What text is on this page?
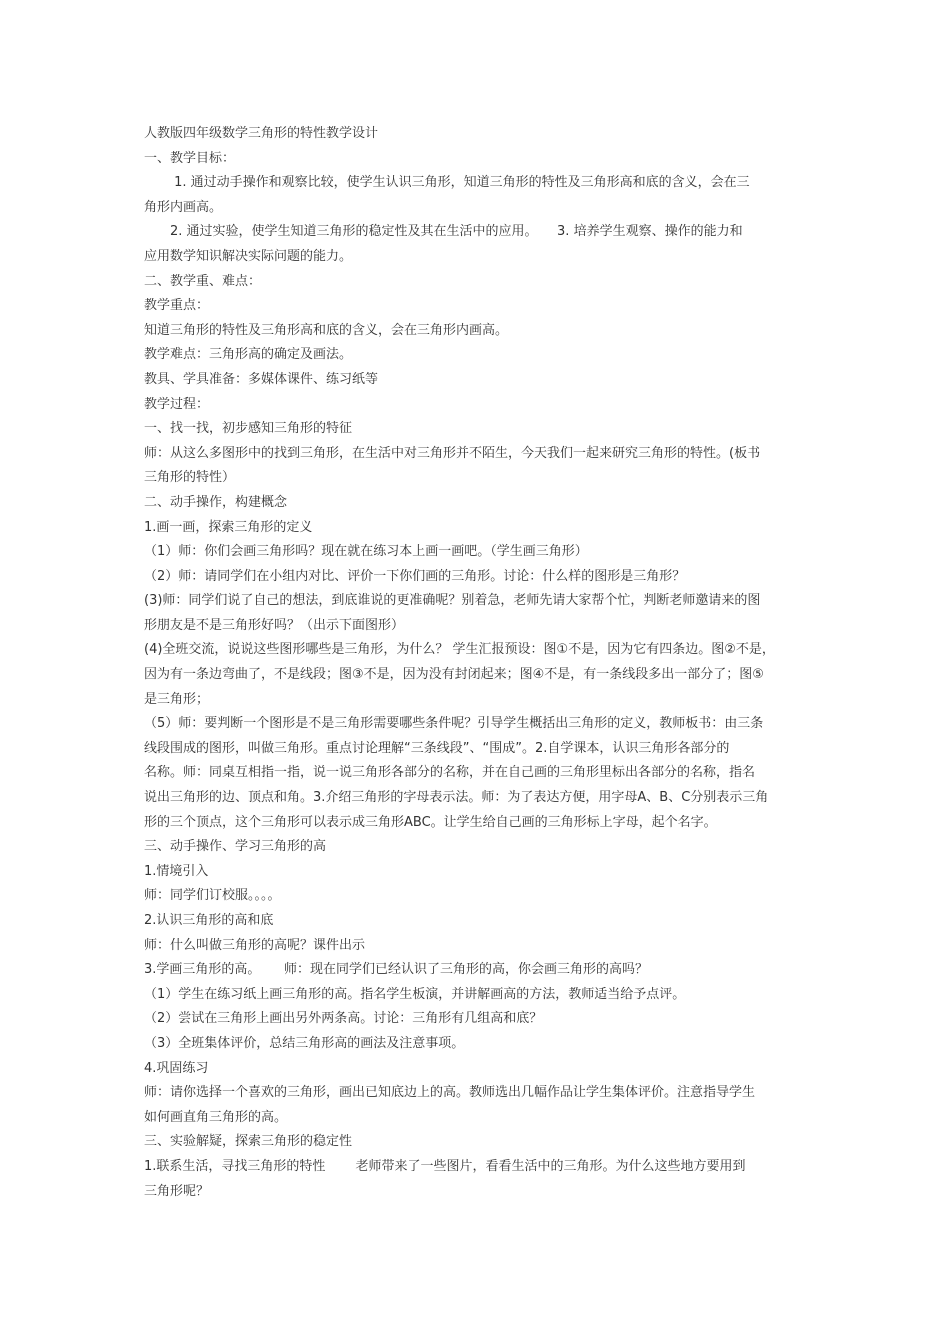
人教版四年级数学三角形的特性教学设计
一、教学目标：
　　 1. 通过动手操作和观察比较，使学生认识三角形，知道三角形的特性及三角形高和底的含义，会在三
角形内画高。
　　2. 通过实验，使学生知道三角形的稳定性及其在生活中的应用。　　3. 培养学生观察、操作的能力和
应用数学知识解决实际问题的能力。
二、教学重、难点：
教学重点：
知道三角形的特性及三角形高和底的含义，会在三角形内画高。
教学难点：三角形高的确定及画法。
教具、学具准备：多媒体课件、练习纸等
教学过程：
一、找一找，初步感知三角形的特征
师：从这么多图形中的找到三角形，在生活中对三角形并不陌生，今天我们一起来研究三角形的特性。(板书
三角形的特性）
二、动手操作，构建概念
1.画一画，探索三角形的定义
（1）师：你们会画三角形吗？现在就在练习本上画一画吧。（学生画三角形）
（2）师：请同学们在小组内对比、评价一下你们画的三角形。讨论：什么样的图形是三角形？
(3)师：同学们说了自己的想法，到底谁说的更准确呢？别着急，老师先请大家帮个忙，判断老师邀请来的图
形朋友是不是三角形好吗？（出示下面图形）
(4)全班交流，说说这些图形哪些是三角形，为什么？ 学生汇报预设：图①不是，因为它有四条边。图②不是，
因为有一条边弯曲了，不是线段；图③不是，因为没有封闭起来；图④不是，有一条线段多出一部分了；图⑤
是三角形；
（5）师：要判断一个图形是不是三角形需要哪些条件呢？引导学生概括出三角形的定义，教师板书：由三条
线段围成的图形，叫做三角形。重点讨论理解“三条线段”、“围成”。2.自学课本，认识三角形各部分的
名称。师：同桌互相指一指，说一说三角形各部分的名称，并在自己画的三角形里标出各部分的名称，指名
说出三角形的边、顶点和角。3.介绍三角形的字母表示法。师：为了表达方便，用字母A、B、C分别表示三角
形的三个顶点，这个三角形可以表示成三角形ABC。让学生给自己画的三角形标上字母，起个名字。
三、动手操作、学习三角形的高
1.情境引入
师：同学们订校服。。。。
2.认识三角形的高和底
师：什么叫做三角形的高呢？课件出示
3.学画三角形的高。　　 师：现在同学们已经认识了三角形的高，你会画三角形的高吗？
（1）学生在练习纸上画三角形的高。指名学生板演，并讲解画高的方法，教师适当给予点评。
（2）尝试在三角形上画出另外两条高。讨论：三角形有几组高和底？
（3）全班集体评价，总结三角形高的画法及注意事项。
4.巩固练习
师：请你选择一个喜欢的三角形，画出已知底边上的高。教师选出几幅作品让学生集体评价。注意指导学生
如何画直角三角形的高。
三、实验解疑，探索三角形的稳定性
1.联系生活，寻找三角形的特性　　 老师带来了一些图片，看看生活中的三角形。为什么这些地方要用到
三角形呢？
